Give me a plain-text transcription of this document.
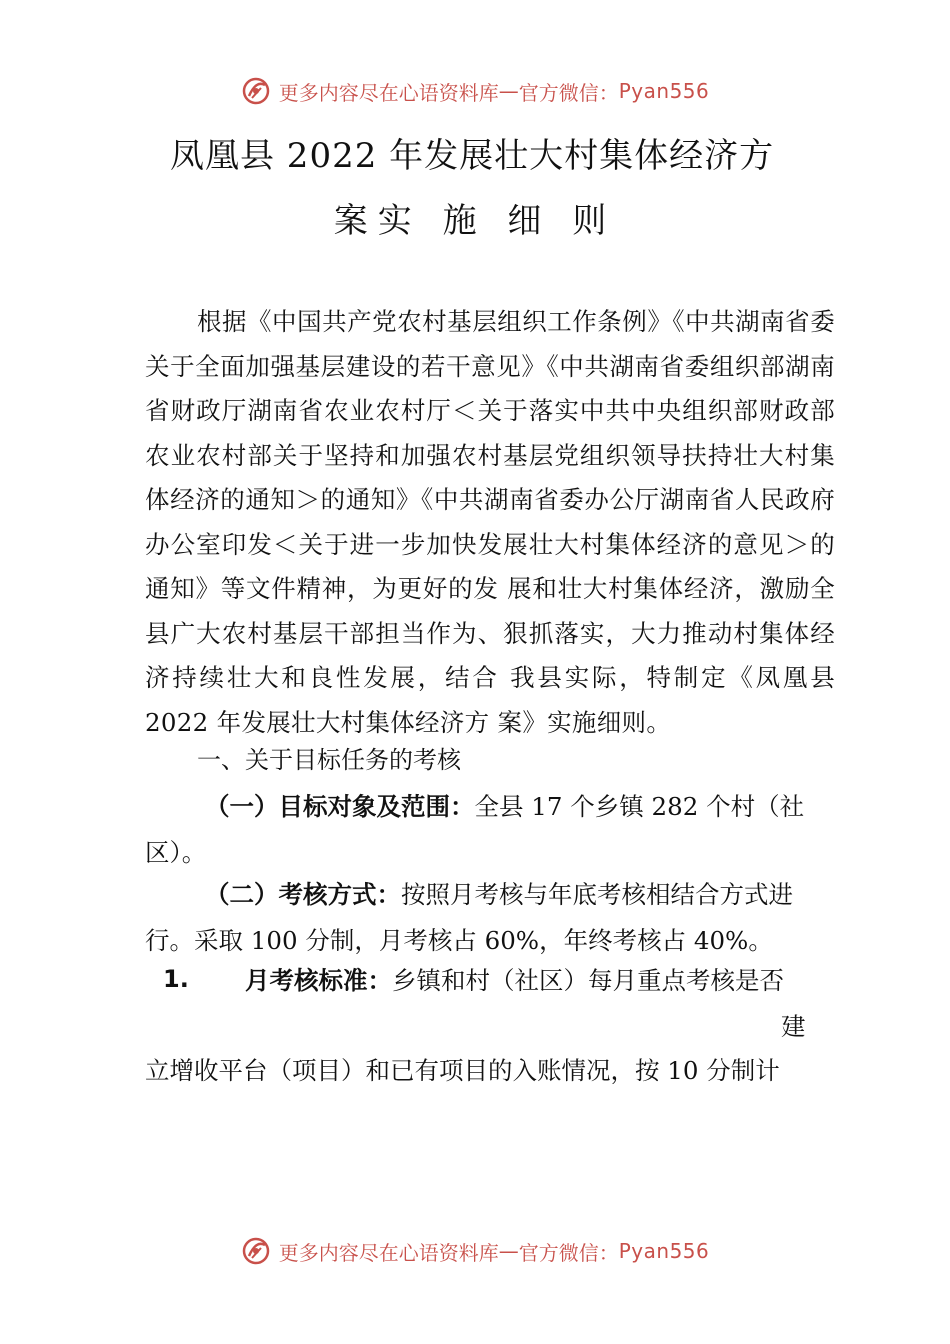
更多内容尽在心语资料库 — 官方微信： Pyan556
凤凰县 2022 年发展壮大村集体经济方
案实 施 细 则
根据《中国共产党农村基层组织工作条例》《中共湖南省委关于全面加强基层建设的若干意见》《中共湖南省委组织部湖南省财政厅湖南省农业农村厅＜关于落实中共中央组织部财政部农业农村部关于坚持和加强农村基层党组织领导扶持壮大村集体经济的通知＞的通知》《中共湖南省委办公厅湖南省人民政府办公室印发＜关于进一步加快发展壮大村集体经济的意见＞的通知》等文件精神，为更好的发 展和壮大村集体经济，激励全县广大农村基层干部担当作为、狠抓落实，大力推动村集体经济持续壮大和良性发展，结合 我县实际，特制定《凤凰县 2022 年发展壮大村集体经济方 案》实施细则。
一、关于目标任务的考核
（一）目标对象及范围：全县 17 个乡镇 282 个村（社区）。
（二）考核方式：按照月考核与年底考核相结合方式进行。采取 100 分制，月考核占 60%，年终考核占 40%。
1. 月考核标准：乡镇和村（社区）每月重点考核是否
建
立增收平台（项目）和已有项目的入账情况，按 10 分制计
更多内容尽在心语资料库 — 官方微信： Pyan556
